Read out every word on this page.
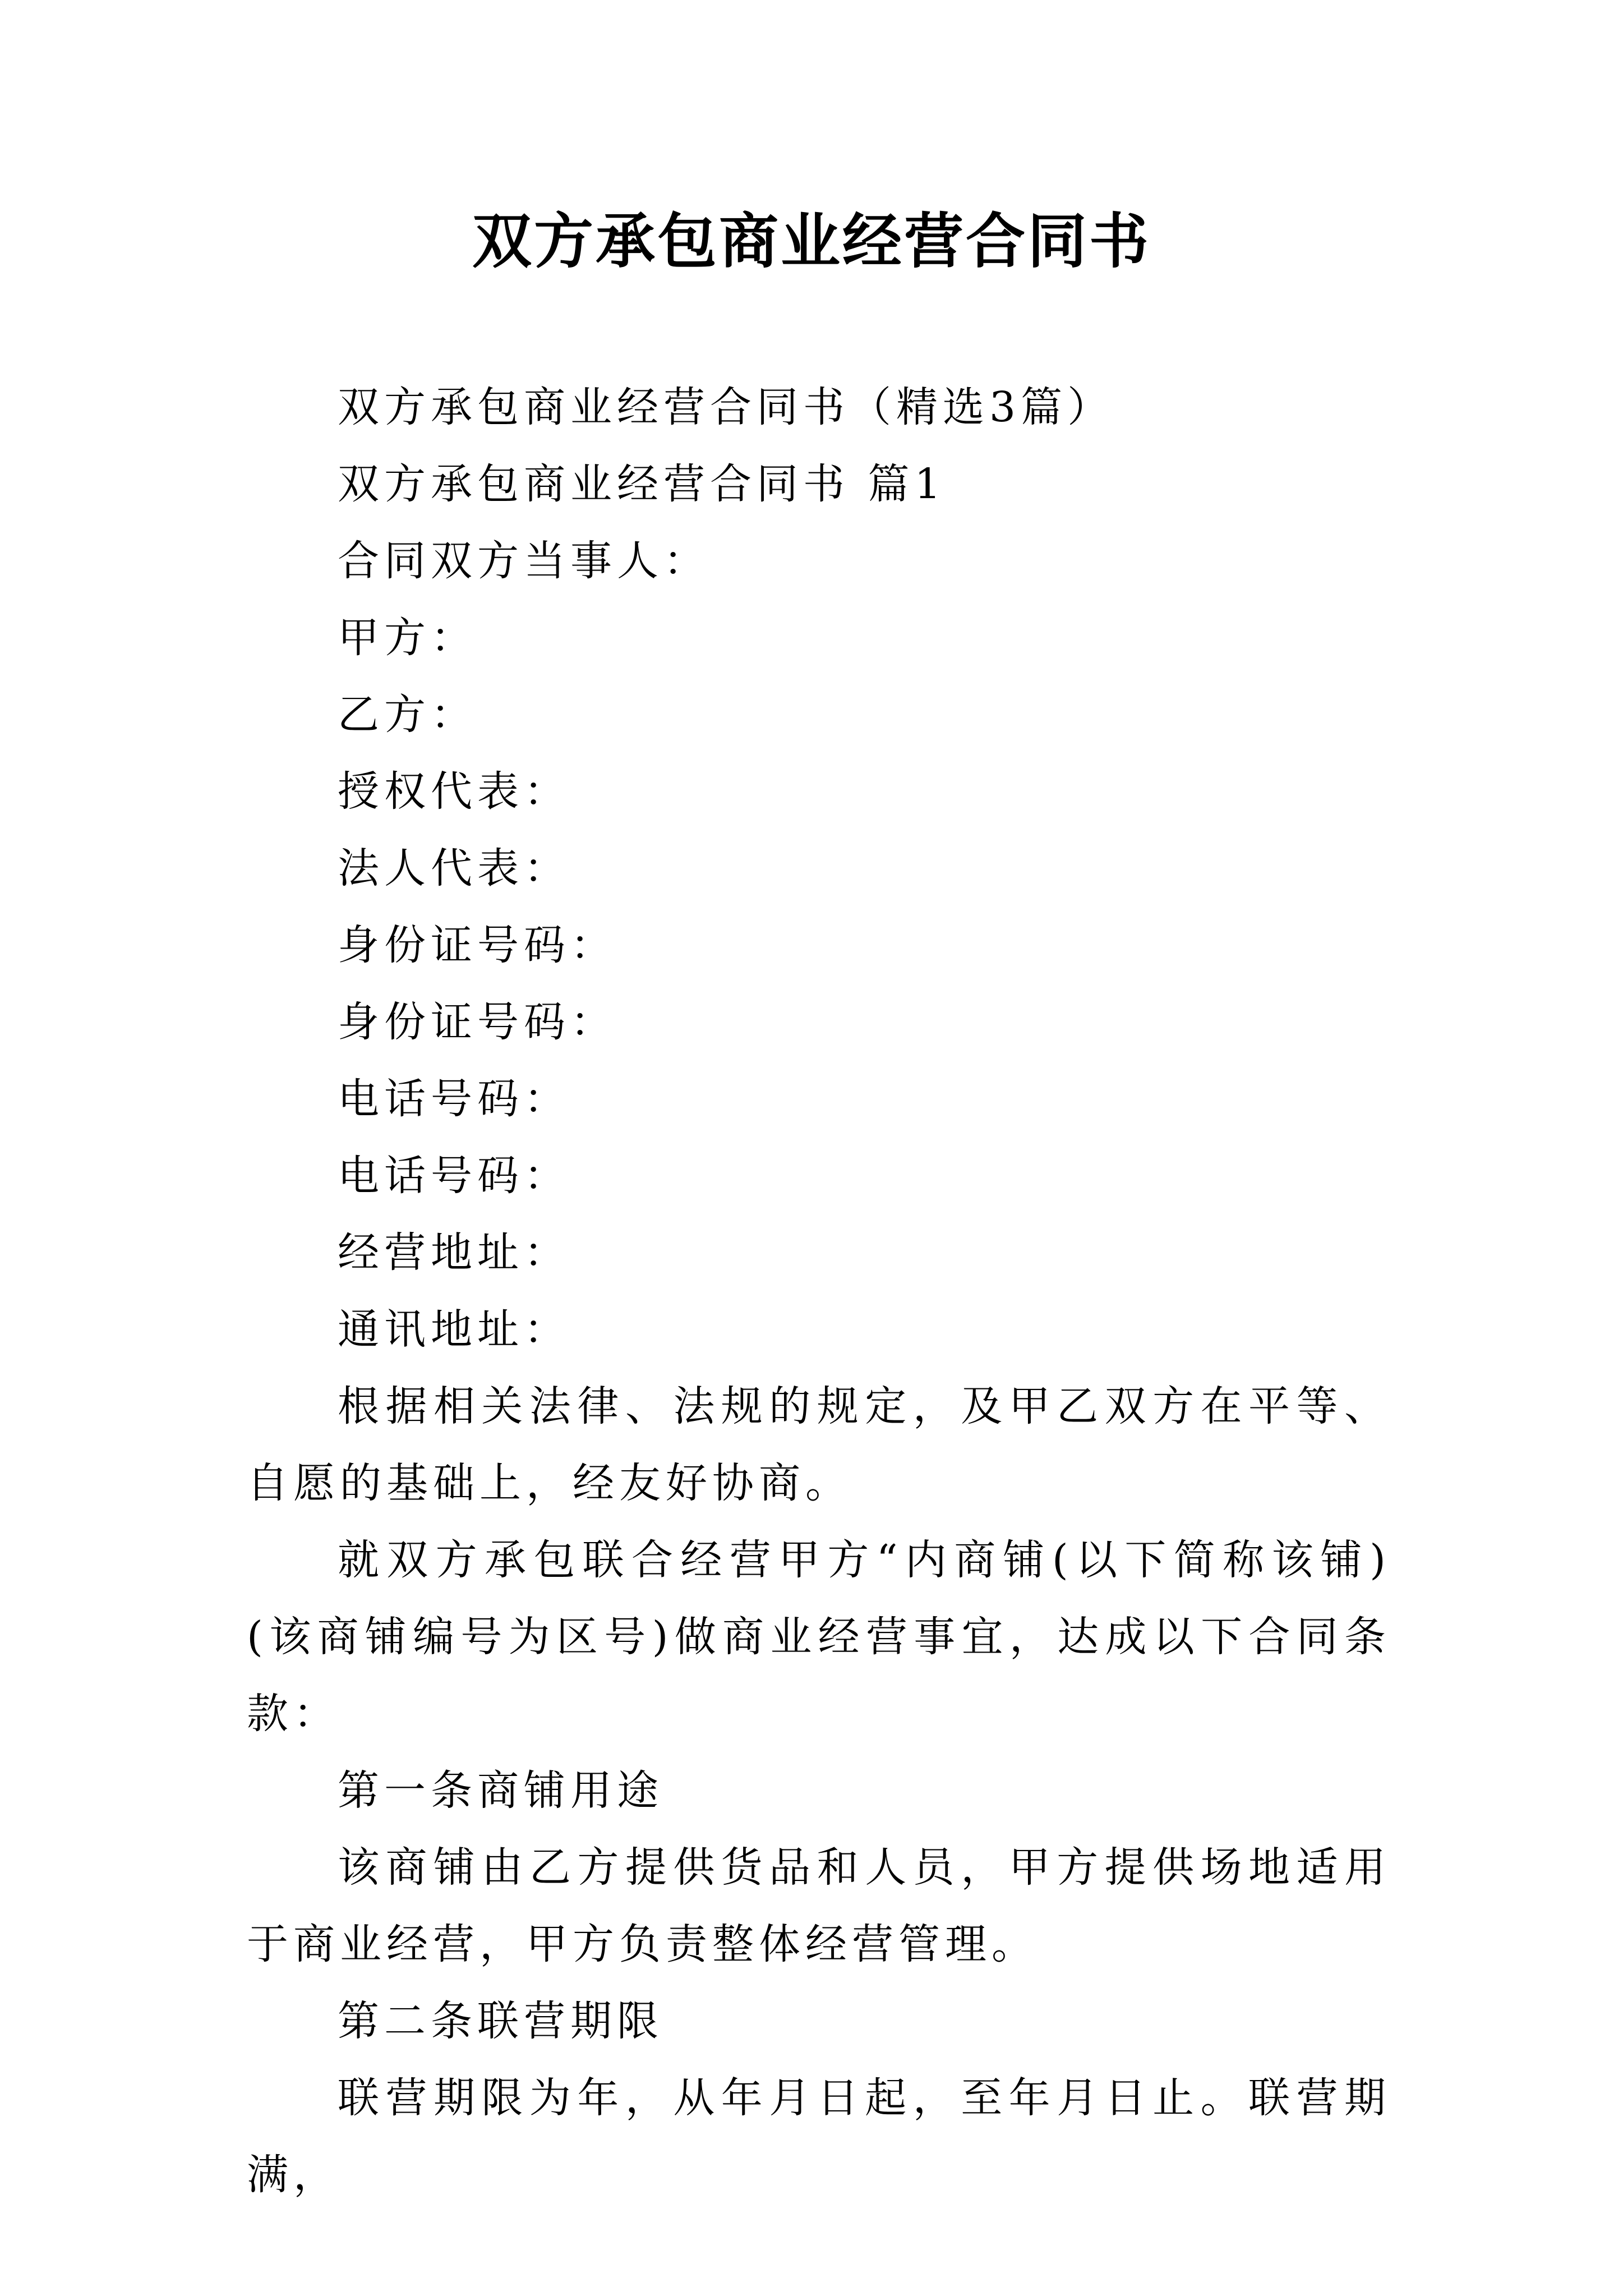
双方承包商业经营合同书

双方承包商业经营合同书（精选3篇）

双方承包商业经营合同书 篇1

合同双方当事人：

甲方：

乙方：

授权代表：

法人代表：

身份证号码：

身份证号码：

电话号码：

电话号码：

经营地址：

通讯地址：

根据相关法律、法规的规定，及甲乙双方在平等、自愿的基础上，经友好协商。

就双方承包联合经营甲方“内商铺(以下简称该铺)(该商铺编号为区号)做商业经营事宜，达成以下合同条款：

第一条商铺用途

该商铺由乙方提供货品和人员，甲方提供场地适用于商业经营，甲方负责整体经营管理。

第二条联营期限

联营期限为年，从年月日起，至年月日止。联营期满，
